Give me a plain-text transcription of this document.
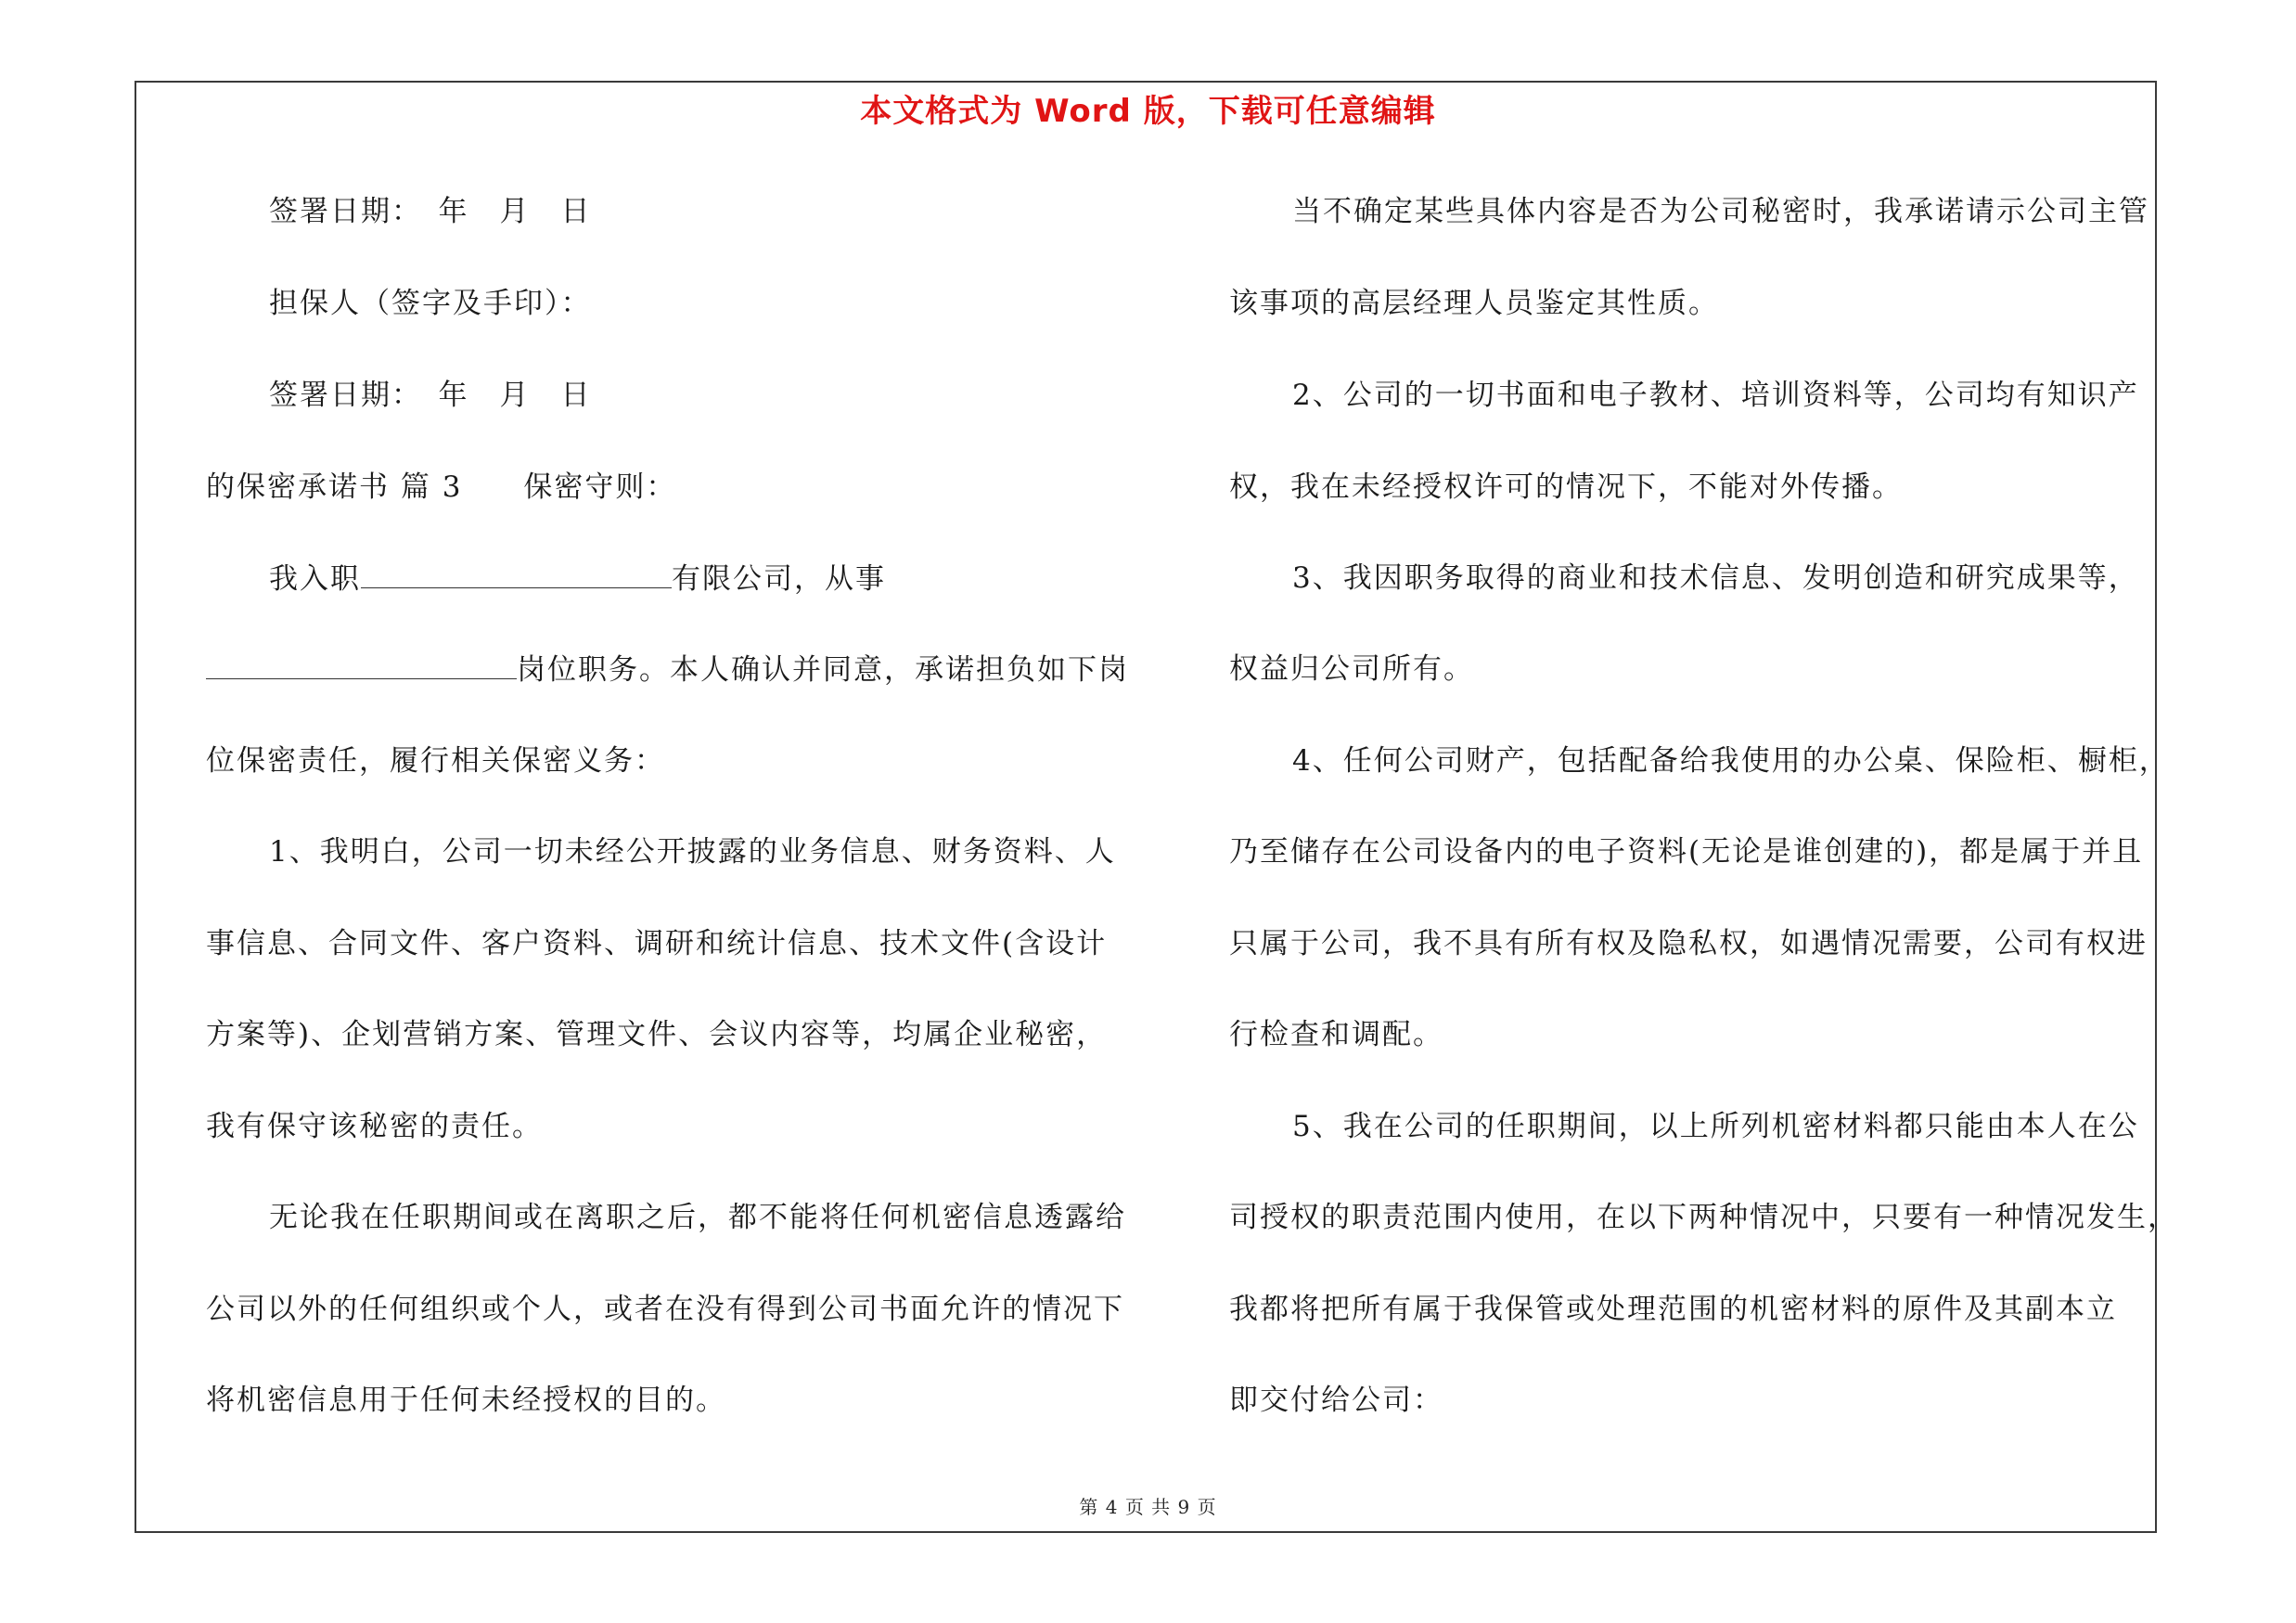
本文格式为 Word 版，下载可任意编辑
签署日期：　年　月　日
担保人（签字及手印）：
签署日期：　年　月　日
的保密承诺书 篇 3　　保密守则：
我入职	有限公司，从事
岗位职务。本人确认并同意，承诺担负如下岗
位保密责任，履行相关保密义务：
1、我明白，公司一切未经公开披露的业务信息、财务资料、人
事信息、合同文件、客户资料、调研和统计信息、技术文件(含设计
方案等)、企划营销方案、管理文件、会议内容等，均属企业秘密，
我有保守该秘密的责任。
无论我在任职期间或在离职之后，都不能将任何机密信息透露给
公司以外的任何组织或个人，或者在没有得到公司书面允许的情况下
将机密信息用于任何未经授权的目的。
当不确定某些具体内容是否为公司秘密时，我承诺请示公司主管
该事项的高层经理人员鉴定其性质。
2、公司的一切书面和电子教材、培训资料等，公司均有知识产
权，我在未经授权许可的情况下，不能对外传播。
3、我因职务取得的商业和技术信息、发明创造和研究成果等，
权益归公司所有。
4、任何公司财产，包括配备给我使用的办公桌、保险柜、橱柜，
乃至储存在公司设备内的电子资料(无论是谁创建的)，都是属于并且
只属于公司，我不具有所有权及隐私权，如遇情况需要，公司有权进
行检查和调配。
5、我在公司的任职期间，以上所列机密材料都只能由本人在公
司授权的职责范围内使用，在以下两种情况中，只要有一种情况发生，
我都将把所有属于我保管或处理范围的机密材料的原件及其副本立
即交付给公司：
第 4 页 共 9 页
